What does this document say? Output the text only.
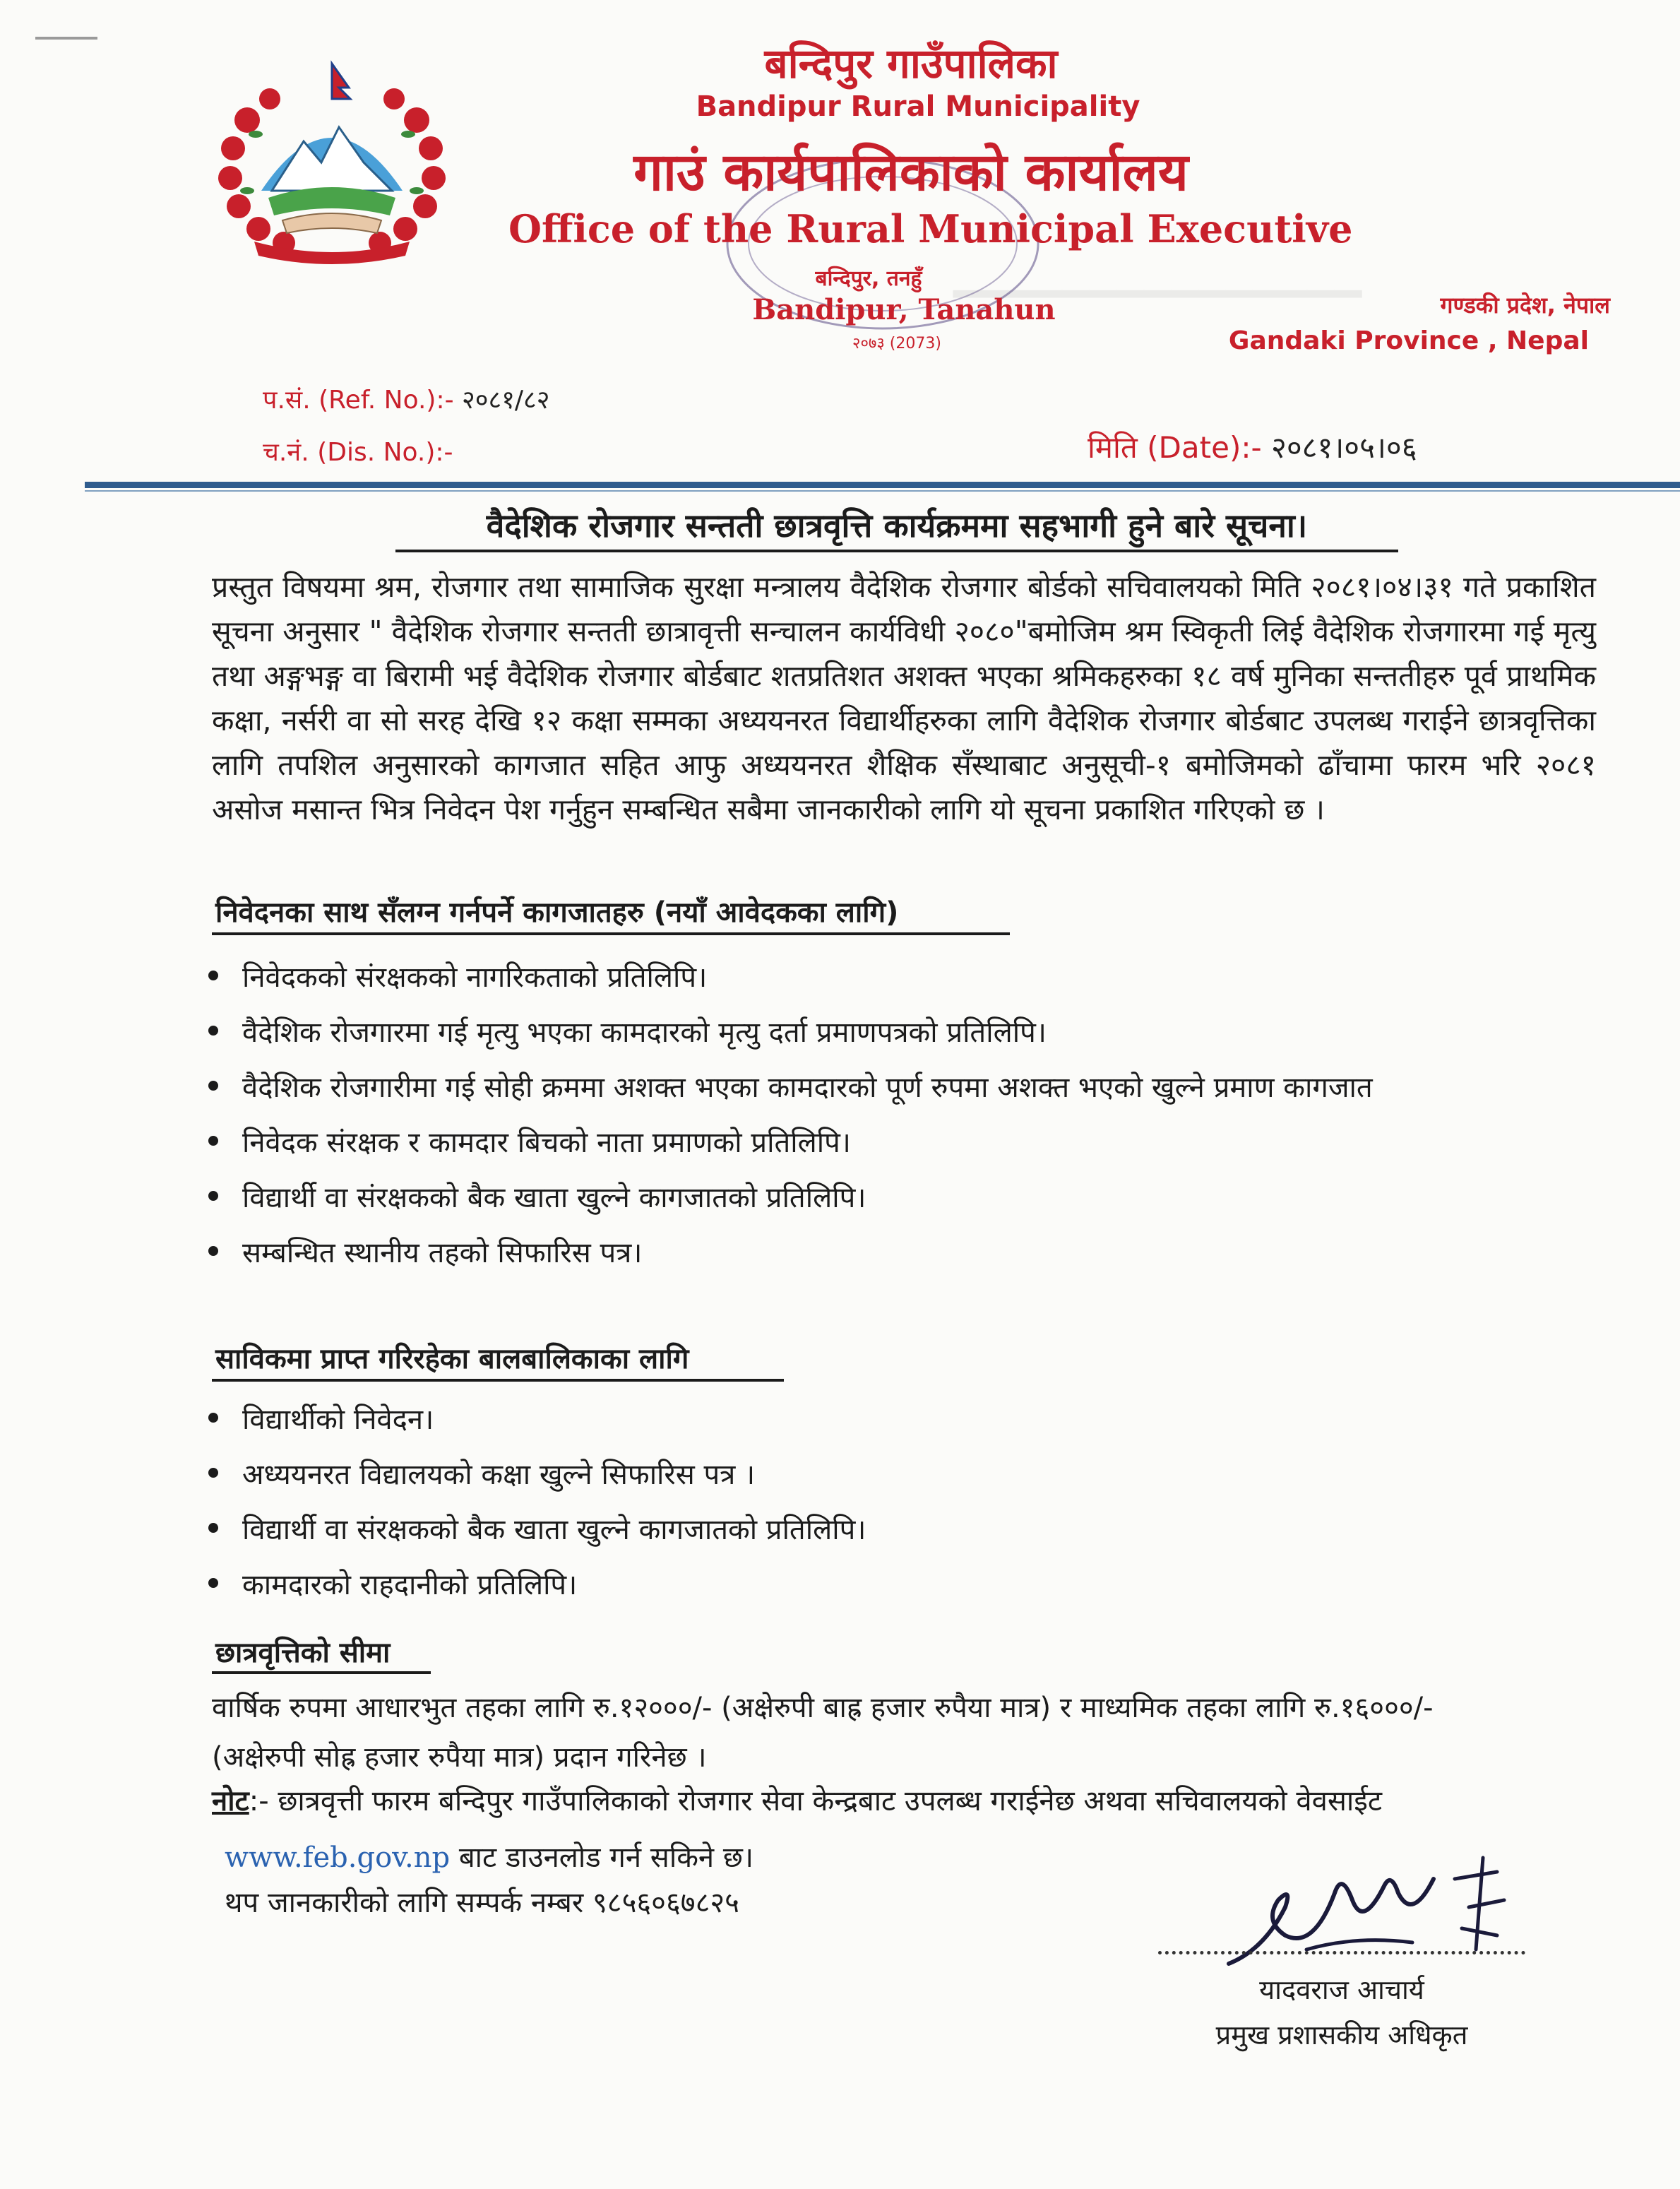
━━━━━━━━━━━━━━━
बन्दिपुर गाउँपालिका
Bandipur Rural Municipality
गाउं कार्यपालिकाको कार्यालय
Office of the Rural Municipal Executive
बन्दिपुर, तनहुँ
Bandipur, Tanahun
२०७३ (2073)
गण्डकी प्रदेश, नेपाल
Gandaki Province , Nepal
प.सं. (Ref. No.):- २०८१/८२
च.नं. (Dis. No.):-	मिति (Date):- २०८१।०५।०६
वैदेशिक रोजगार सन्तती छात्रवृत्ति कार्यक्रममा सहभागी हुने बारे सूचना।
प्रस्तुत विषयमा श्रम, रोजगार तथा सामाजिक सुरक्षा मन्त्रालय वैदेशिक रोजगार बोर्डको सचिवालयको मिति २०८१।०४।३१ गते प्रकाशित सूचना अनुसार " वैदेशिक रोजगार सन्तती छात्रावृत्ती सन्चालन कार्यविधी २०८०"बमोजिम श्रम स्विकृती लिई वैदेशिक रोजगारमा गई मृत्यु तथा अङ्गभङ्ग वा बिरामी भई वैदेशिक रोजगार बोर्डबाट शतप्रतिशत अशक्त भएका श्रमिकहरुका १८ वर्ष मुनिका सन्ततीहरु पूर्व प्राथमिक कक्षा, नर्सरी वा सो सरह देखि १२ कक्षा सम्मका अध्ययनरत विद्यार्थीहरुका लागि वैदेशिक रोजगार बोर्डबाट उपलब्ध गराईने छात्रवृत्तिका लागि तपशिल अनुसारको कागजात सहित आफु अध्ययनरत शैक्षिक सँस्थाबाट अनुसूची-१ बमोजिमको ढाँचामा फारम भरि २०८१ असोज मसान्त भित्र निवेदन पेश गर्नुहुन सम्बन्धित सबैमा जानकारीको लागि यो सूचना प्रकाशित गरिएको छ ।
निवेदनका साथ सँलग्न गर्नपर्ने कागजातहरु (नयाँ आवेदकका लागि)
निवेदकको संरक्षकको नागरिकताको प्रतिलिपि।
वैदेशिक रोजगारमा गई मृत्यु भएका कामदारको मृत्यु दर्ता प्रमाणपत्रको प्रतिलिपि।
वैदेशिक रोजगारीमा गई सोही क्रममा अशक्त भएका कामदारको पूर्ण रुपमा अशक्त भएको खुल्ने प्रमाण कागजात
निवेदक संरक्षक र कामदार बिचको नाता प्रमाणको प्रतिलिपि।
विद्यार्थी वा संरक्षकको बैक खाता खुल्ने कागजातको प्रतिलिपि।
सम्बन्धित स्थानीय तहको सिफारिस पत्र।
साविकमा प्राप्त गरिरहेका बालबालिकाका लागि
विद्यार्थीको निवेदन।
अध्ययनरत विद्यालयको कक्षा खुल्ने सिफारिस पत्र ।
विद्यार्थी वा संरक्षकको बैक खाता खुल्ने कागजातको प्रतिलिपि।
कामदारको राहदानीको प्रतिलिपि।
छात्रवृत्तिको सीमा
वार्षिक रुपमा आधारभुत तहका लागि रु.१२०००/- (अक्षेरुपी बाह्र हजार रुपैया मात्र) र माध्यमिक तहका लागि रु.१६०००/-
(अक्षेरुपी सोह्र हजार रुपैया मात्र) प्रदान गरिनेछ ।
नोट:- छात्रवृत्ती फारम बन्दिपुर गाउँपालिकाको रोजगार सेवा केन्द्रबाट उपलब्ध गराईनेछ अथवा सचिवालयको वेवसाईट
www.feb.gov.np बाट डाउनलोड गर्न सकिने छ।
थप जानकारीको लागि सम्पर्क नम्बर ९८५६०६७८२५
यादवराज आचार्य
प्रमुख प्रशासकीय अधिकृत
